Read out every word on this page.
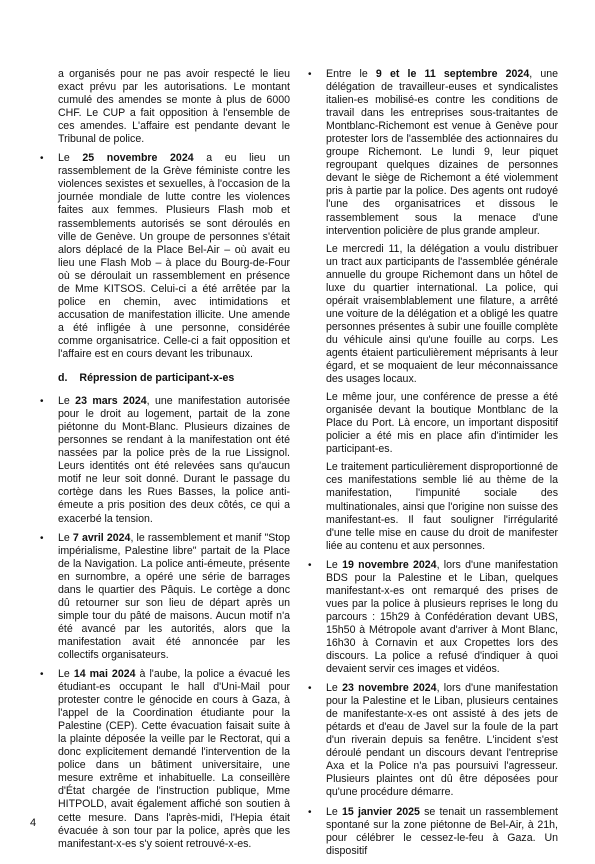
a organisés pour ne pas avoir respecté le lieu exact prévu par les autorisations. Le montant cumulé des amendes se monte à plus de 6000 CHF. Le CUP a fait opposition à l'ensemble de ces amendes. L'affaire est pendante devant le Tribunal de police.

• Le 25 novembre 2024 a eu lieu un rassemblement de la Grève féministe contre les violences sexistes et sexuelles, à l'occasion de la journée mondiale de lutte contre les violences faites aux femmes. Plusieurs Flash mob et rassemblements autorisés se sont déroulés en ville de Genève. Un groupe de personnes s'était alors déplacé de la Place Bel-Air – où avait eu lieu une Flash Mob – à place du Bourg-de-Four où se déroulait un rassemblement en présence de Mme KITSOS. Celui-ci a été arrêtée par la police en chemin, avec intimidations et accusation de manifestation illicite. Une amende a été infligée à une personne, considérée comme organisatrice. Celle-ci a fait opposition et l'affaire est en cours devant les tribunaux.

d. Répression de participant-x-es
• Le 23 mars 2024, une manifestation autorisée pour le droit au logement, partait de la zone piétonne du Mont-Blanc. Plusieurs dizaines de personnes se rendant à la manifestation ont été nassées par la police près de la rue Lissignol. Leurs identités ont été relevées sans qu'aucun motif ne leur soit donné. Durant le passage du cortège dans les Rues Basses, la police anti-émeute a pris position des deux côtés, ce qui a exacerbé la tension.

• Le 7 avril 2024, le rassemblement et manif "Stop impérialisme, Palestine libre" partait de la Place de la Navigation. La police anti-émeute, présente en surnombre, a opéré une série de barrages dans le quartier des Pâquis. Le cortège a donc dû retourner sur son lieu de départ après un simple tour du pâté de maisons. Aucun motif n'a été avancé par les autorités, alors que la manifestation avait été annoncée par les collectifs organisateurs.

• Le 14 mai 2024 à l'aube, la police a évacué les étudiant-es occupant le hall d'Uni-Mail pour protester contre le génocide en cours à Gaza, à l'appel de la Coordination étudiante pour la Palestine (CEP). Cette évacuation faisait suite à la plainte déposée la veille par le Rectorat, qui a donc explicitement demandé l'intervention de la police dans un bâtiment universitaire, une mesure extrême et inhabituelle. La conseillère d'État chargée de l'instruction publique, Mme HITPOLD, avait également affiché son soutien à cette mesure. Dans l'après-midi, l'Hepia était évacuée à son tour par la police, après que les manifestant-x-es s'y soient retrouvé-x-es.

• Entre le 9 et le 11 septembre 2024, une délégation de travailleur-euses et syndicalistes italien-es mobilisé-es contre les conditions de travail dans les entreprises sous-traitantes de Montblanc-Richemont est venue à Genève pour protester lors de l'assemblée des actionnaires du groupe Richemont. Le lundi 9, leur piquet regroupant quelques dizaines de personnes devant le siège de Richemont a été violemment pris à partie par la police. Des agents ont rudoyé l'une des organisatrices et dissous le rassemblement sous la menace d'une intervention policière de plus grande ampleur.

Le mercredi 11, la délégation a voulu distribuer un tract aux participants de l'assemblée générale annuelle du groupe Richemont dans un hôtel de luxe du quartier international. La police, qui opérait vraisemblablement une filature, a arrêté une voiture de la délégation et a obligé les quatre personnes présentes à subir une fouille complète du véhicule ainsi qu'une fouille au corps. Les agents étaient particulièrement méprisants à leur égard, et se moquaient de leur méconnaissance des usages locaux.

Le même jour, une conférence de presse a été organisée devant la boutique Montblanc de la Place du Port. Là encore, un important dispositif policier a été mis en place afin d'intimider les participant-es.

Le traitement particulièrement disproportionné de ces manifestations semble lié au thème de la manifestation, l'impunité sociale des multinationales, ainsi que l'origine non suisse des manifestant-es. Il faut souligner l'irrégularité d'une telle mise en cause du droit de manifester liée au contenu et aux personnes.

• Le 19 novembre 2024, lors d'une manifestation BDS pour la Palestine et le Liban, quelques manifestant-x-es ont remarqué des prises de vues par la police à plusieurs reprises le long du parcours : 15h29 à Confédération devant UBS, 15h50 à Métropole avant d'arriver à Mont Blanc, 16h30 à Cornavin et aux Cropettes lors des discours. La police a refusé d'indiquer à quoi devaient servir ces images et vidéos.

• Le 23 novembre 2024, lors d'une manifestation pour la Palestine et le Liban, plusieurs centaines de manifestante-x-es ont assisté à des jets de pétards et d'eau de Javel sur la foule de la part d'un riverain depuis sa fenêtre. L'incident s'est déroulé pendant un discours devant l'entreprise Axa et la Police n'a pas poursuivi l'agresseur. Plusieurs plaintes ont dû être déposées pour qu'une procédure démarre.

• Le 15 janvier 2025 se tenait un rassemblement spontané sur la zone piétonne de Bel-Air, à 21h, pour célébrer le cessez-le-feu à Gaza. Un dispositif

4
